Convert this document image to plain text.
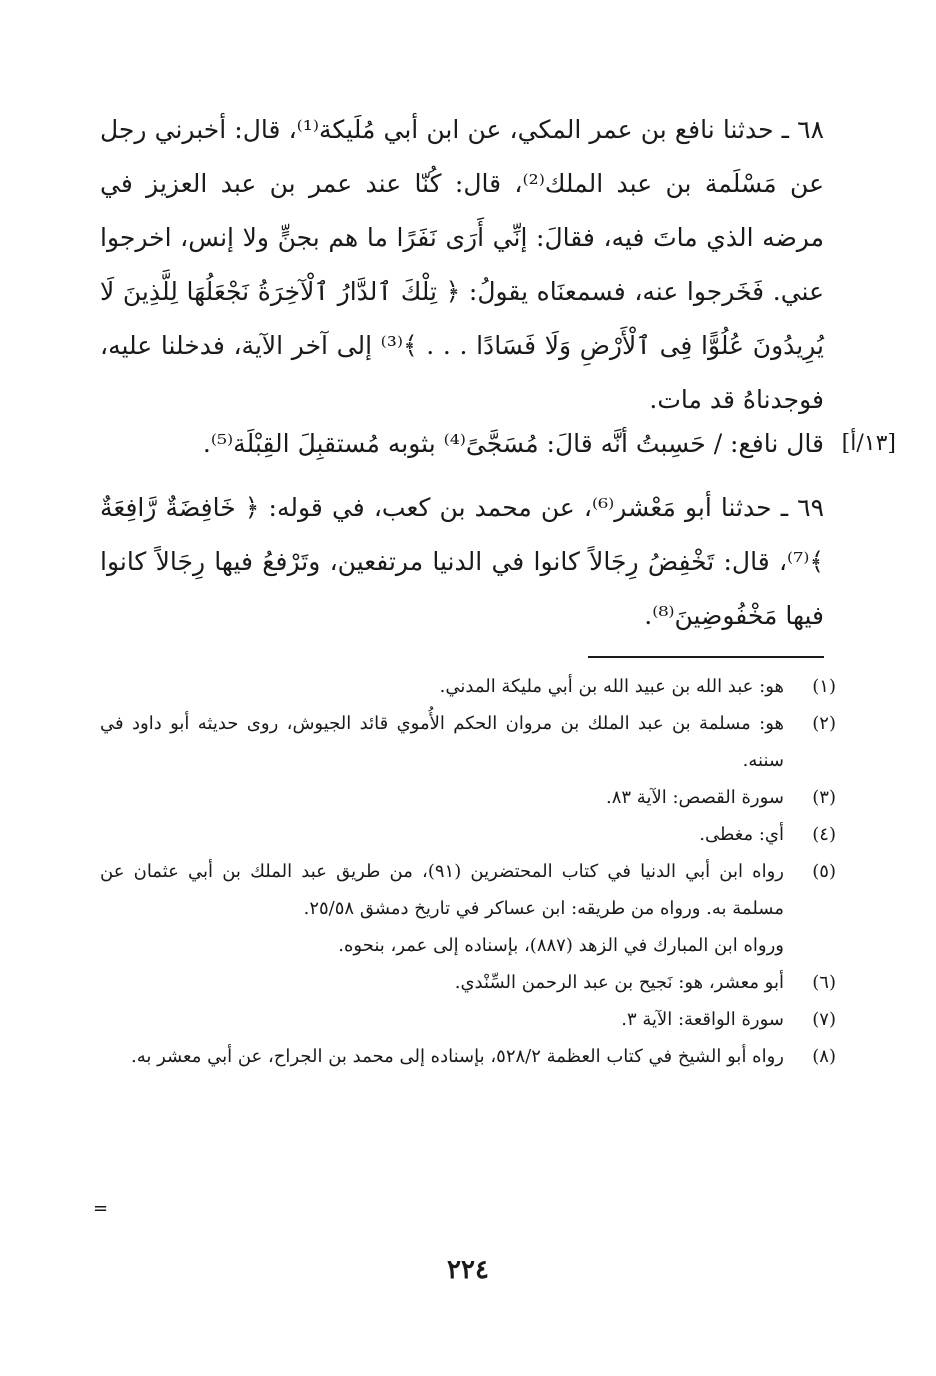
٦٨ ـ حدثنا نافع بن عمر المكي، عن ابن أبي مُلَيكة⁽¹⁾، قال: أخبرني رجل عن مَسْلَمة بن عبد الملك⁽²⁾، قال: كُنّا عند عمر بن عبد العزيز في مرضه الذي ماتَ فيه، فقالَ: إنِّي أَرَى نَفَرًا ما هم بجنٍّ ولا إنس، اخرجوا عني. فَخَرجوا عنه، فسمعنَاه يقولُ: ﴿ تِلْكَ ٱلدَّارُ ٱلْآخِرَةُ نَجْعَلُهَا لِلَّذِينَ لَا يُرِيدُونَ عُلُوًّا فِى ٱلْأَرْضِ وَلَا فَسَادًا . . . ﴾⁽³⁾ إلى آخر الآية، فدخلنا عليه، فوجدناهُ قد مات.
[١٣/أ]
قال نافع: / حَسِبتُ أنَّه قالَ: مُسَجَّىً⁽⁴⁾ بثوبه مُستقبِلَ القِبْلَة⁽⁵⁾.
٦٩ ـ حدثنا أبو مَعْشر⁽⁶⁾، عن محمد بن كعب، في قوله: ﴿ خَافِضَةٌ رَّافِعَةٌ ﴾⁽⁷⁾، قال: تَخْفِضُ رِجَالاً كانوا في الدنيا مرتفعين، وتَرْفعُ فيها رِجَالاً كانوا فيها مَخْفُوضِينَ⁽⁸⁾.
(١)
هو: عبد الله بن عبيد الله بن أبي مليكة المدني.
(٢)
هو: مسلمة بن عبد الملك بن مروان الحكم الأُموي قائد الجيوش، روى حديثه أبو داود في سننه.
(٣)
سورة القصص: الآية ٨٣.
(٤)
أي: مغطى.
(٥)
رواه ابن أبي الدنيا في كتاب المحتضرين (٩١)، من طريق عبد الملك بن أبي عثمان عن مسلمة به. ورواه من طريقه: ابن عساكر في تاريخ دمشق ٢٥/٥٨.
ورواه ابن المبارك في الزهد (٨٨٧)، بإسناده إلى عمر، بنحوه.
(٦)
أبو معشر، هو: نَجيح بن عبد الرحمن السِّنْدي.
(٧)
سورة الواقعة: الآية ٣.
(٨)
رواه أبو الشيخ في كتاب العظمة ٥٢٨/٢، بإسناده إلى محمد بن الجراح، عن أبي معشر به.
=
٢٢٤
